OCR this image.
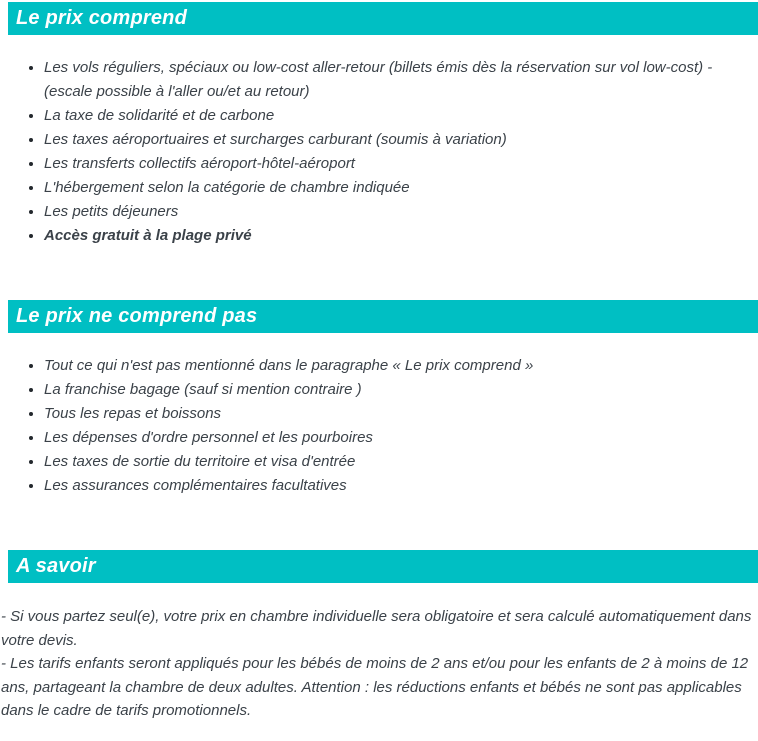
Le prix comprend
• Les vols réguliers, spéciaux ou low-cost aller-retour (billets émis dès la réservation sur vol low-cost) - (escale possible à l'aller ou/et au retour)
• La taxe de solidarité et de carbone
• Les taxes aéroportuaires et surcharges carburant (soumis à variation)
• Les transferts collectifs aéroport-hôtel-aéroport
• L'hébergement selon la catégorie de chambre indiquée
• Les petits déjeuners
• Accès gratuit à la plage privé
Le prix ne comprend pas
• Tout ce qui n'est pas mentionné dans le paragraphe « Le prix comprend »
• La franchise bagage (sauf si mention contraire )
• Tous les repas et boissons
• Les dépenses d'ordre personnel et les pourboires
• Les taxes de sortie du territoire et visa d'entrée
• Les assurances complémentaires facultatives
A savoir

- Si vous partez seul(e), votre prix en chambre individuelle sera obligatoire et sera calculé automatiquement dans votre devis.

- Les tarifs enfants seront appliqués pour les bébés de moins de 2 ans et/ou pour les enfants de 2 à moins de 12 ans, partageant la chambre de deux adultes. Attention : les réductions enfants et bébés ne sont pas applicables dans le cadre de tarifs promotionnels.
